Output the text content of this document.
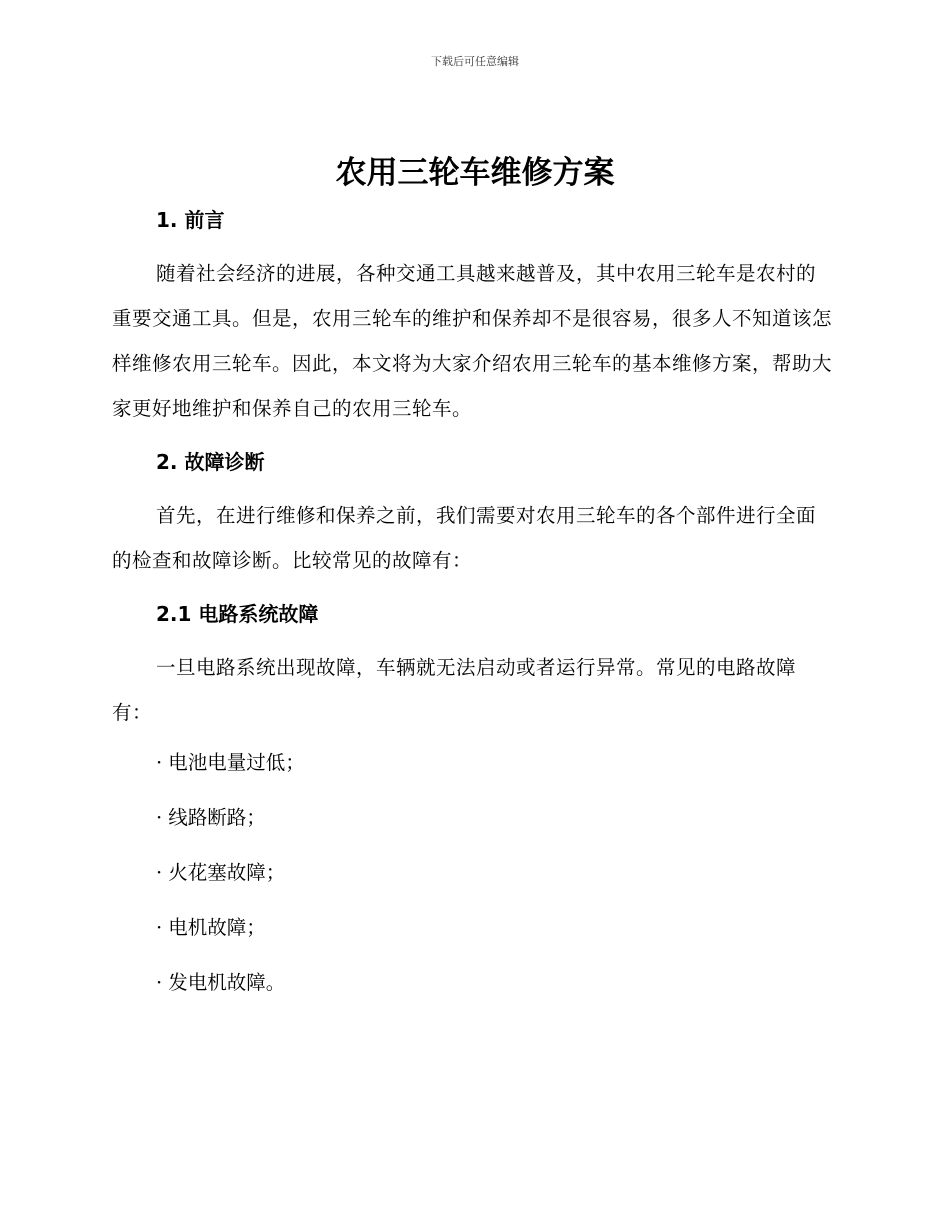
下载后可任意编辑
农用三轮车维修方案
1. 前言

随着社会经济的进展，各种交通工具越来越普及，其中农用三轮车是农村的重要交通工具。但是，农用三轮车的维护和保养却不是很容易，很多人不知道该怎样维修农用三轮车。因此，本文将为大家介绍农用三轮车的基本维修方案，帮助大家更好地维护和保养自己的农用三轮车。

2. 故障诊断

首先，在进行维修和保养之前，我们需要对农用三轮车的各个部件进行全面的检查和故障诊断。比较常见的故障有：

2.1 电路系统故障

一旦电路系统出现故障，车辆就无法启动或者运行异常。常见的电路故障有：

· 电池电量过低；
· 线路断路；
· 火花塞故障；
· 电机故障；
· 发电机故障。
